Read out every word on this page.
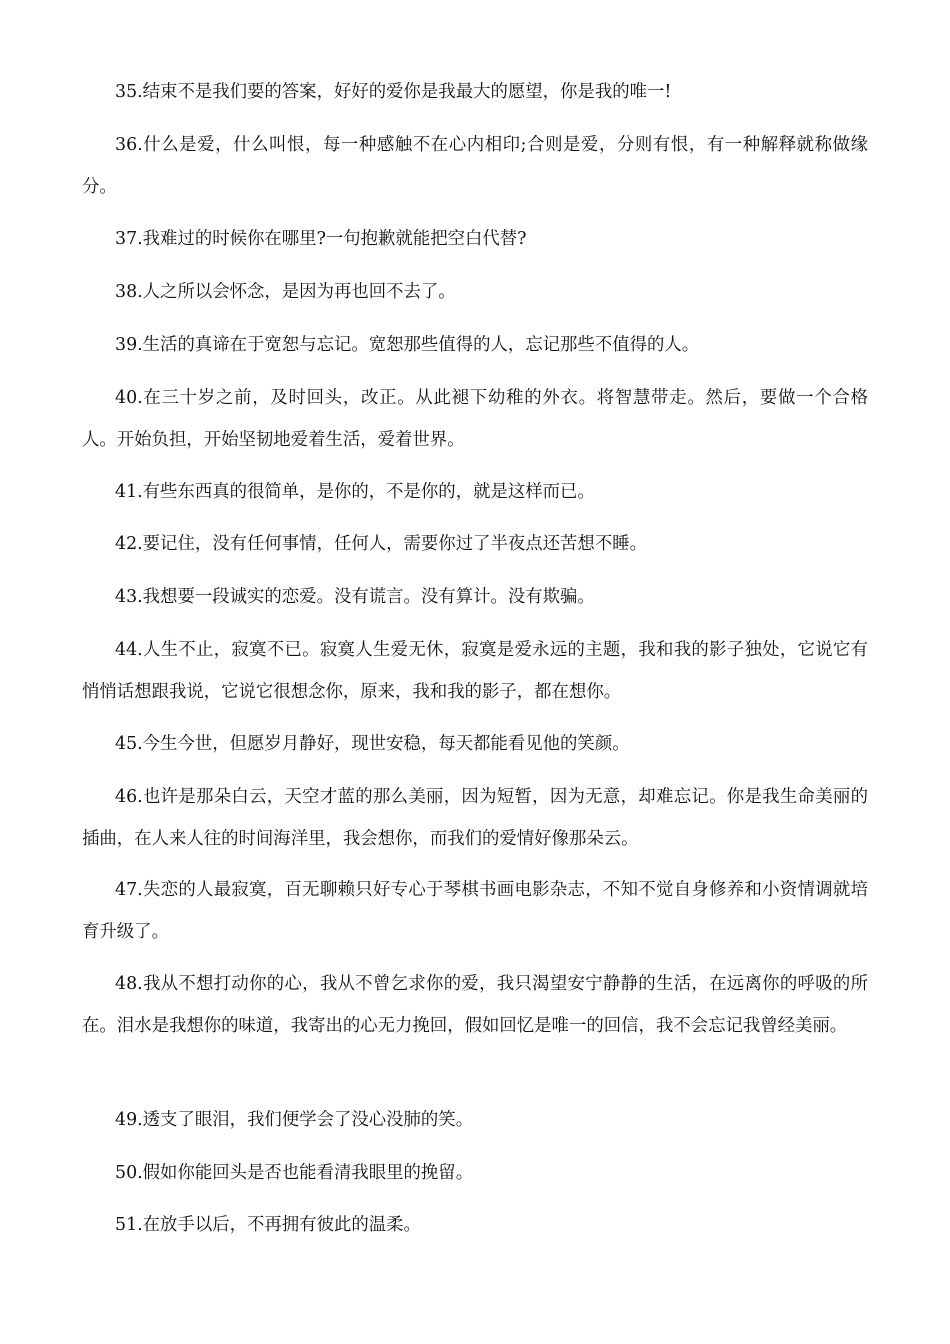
35.结束不是我们要的答案，好好的爱你是我最大的愿望，你是我的唯一!

36.什么是爱，什么叫恨，每一种感触不在心内相印;合则是爱，分则有恨，有一种解释就称做缘分。

37.我难过的时候你在哪里?一句抱歉就能把空白代替?

38.人之所以会怀念，是因为再也回不去了。

39.生活的真谛在于宽恕与忘记。宽恕那些值得的人，忘记那些不值得的人。

40.在三十岁之前，及时回头，改正。从此褪下幼稚的外衣。将智慧带走。然后，要做一个合格人。开始负担，开始坚韧地爱着生活，爱着世界。

41.有些东西真的很简单，是你的，不是你的，就是这样而已。

42.要记住，没有任何事情，任何人，需要你过了半夜点还苦想不睡。

43.我想要一段诚实的恋爱。没有谎言。没有算计。没有欺骗。

44.人生不止，寂寞不已。寂寞人生爱无休，寂寞是爱永远的主题，我和我的影子独处，它说它有悄悄话想跟我说，它说它很想念你，原来，我和我的影子，都在想你。

45.今生今世，但愿岁月静好，现世安稳，每天都能看见他的笑颜。

46.也许是那朵白云，天空才蓝的那么美丽，因为短暂，因为无意，却难忘记。你是我生命美丽的插曲，在人来人往的时间海洋里，我会想你，而我们的爱情好像那朵云。

47.失恋的人最寂寞，百无聊赖只好专心于琴棋书画电影杂志，不知不觉自身修养和小资情调就培育升级了。

48.我从不想打动你的心，我从不曾乞求你的爱，我只渴望安宁静静的生活，在远离你的呼吸的所在。泪水是我想你的味道，我寄出的心无力挽回，假如回忆是唯一的回信，我不会忘记我曾经美丽。

49.透支了眼泪，我们便学会了没心没肺的笑。

50.假如你能回头是否也能看清我眼里的挽留。

51.在放手以后，不再拥有彼此的温柔。
